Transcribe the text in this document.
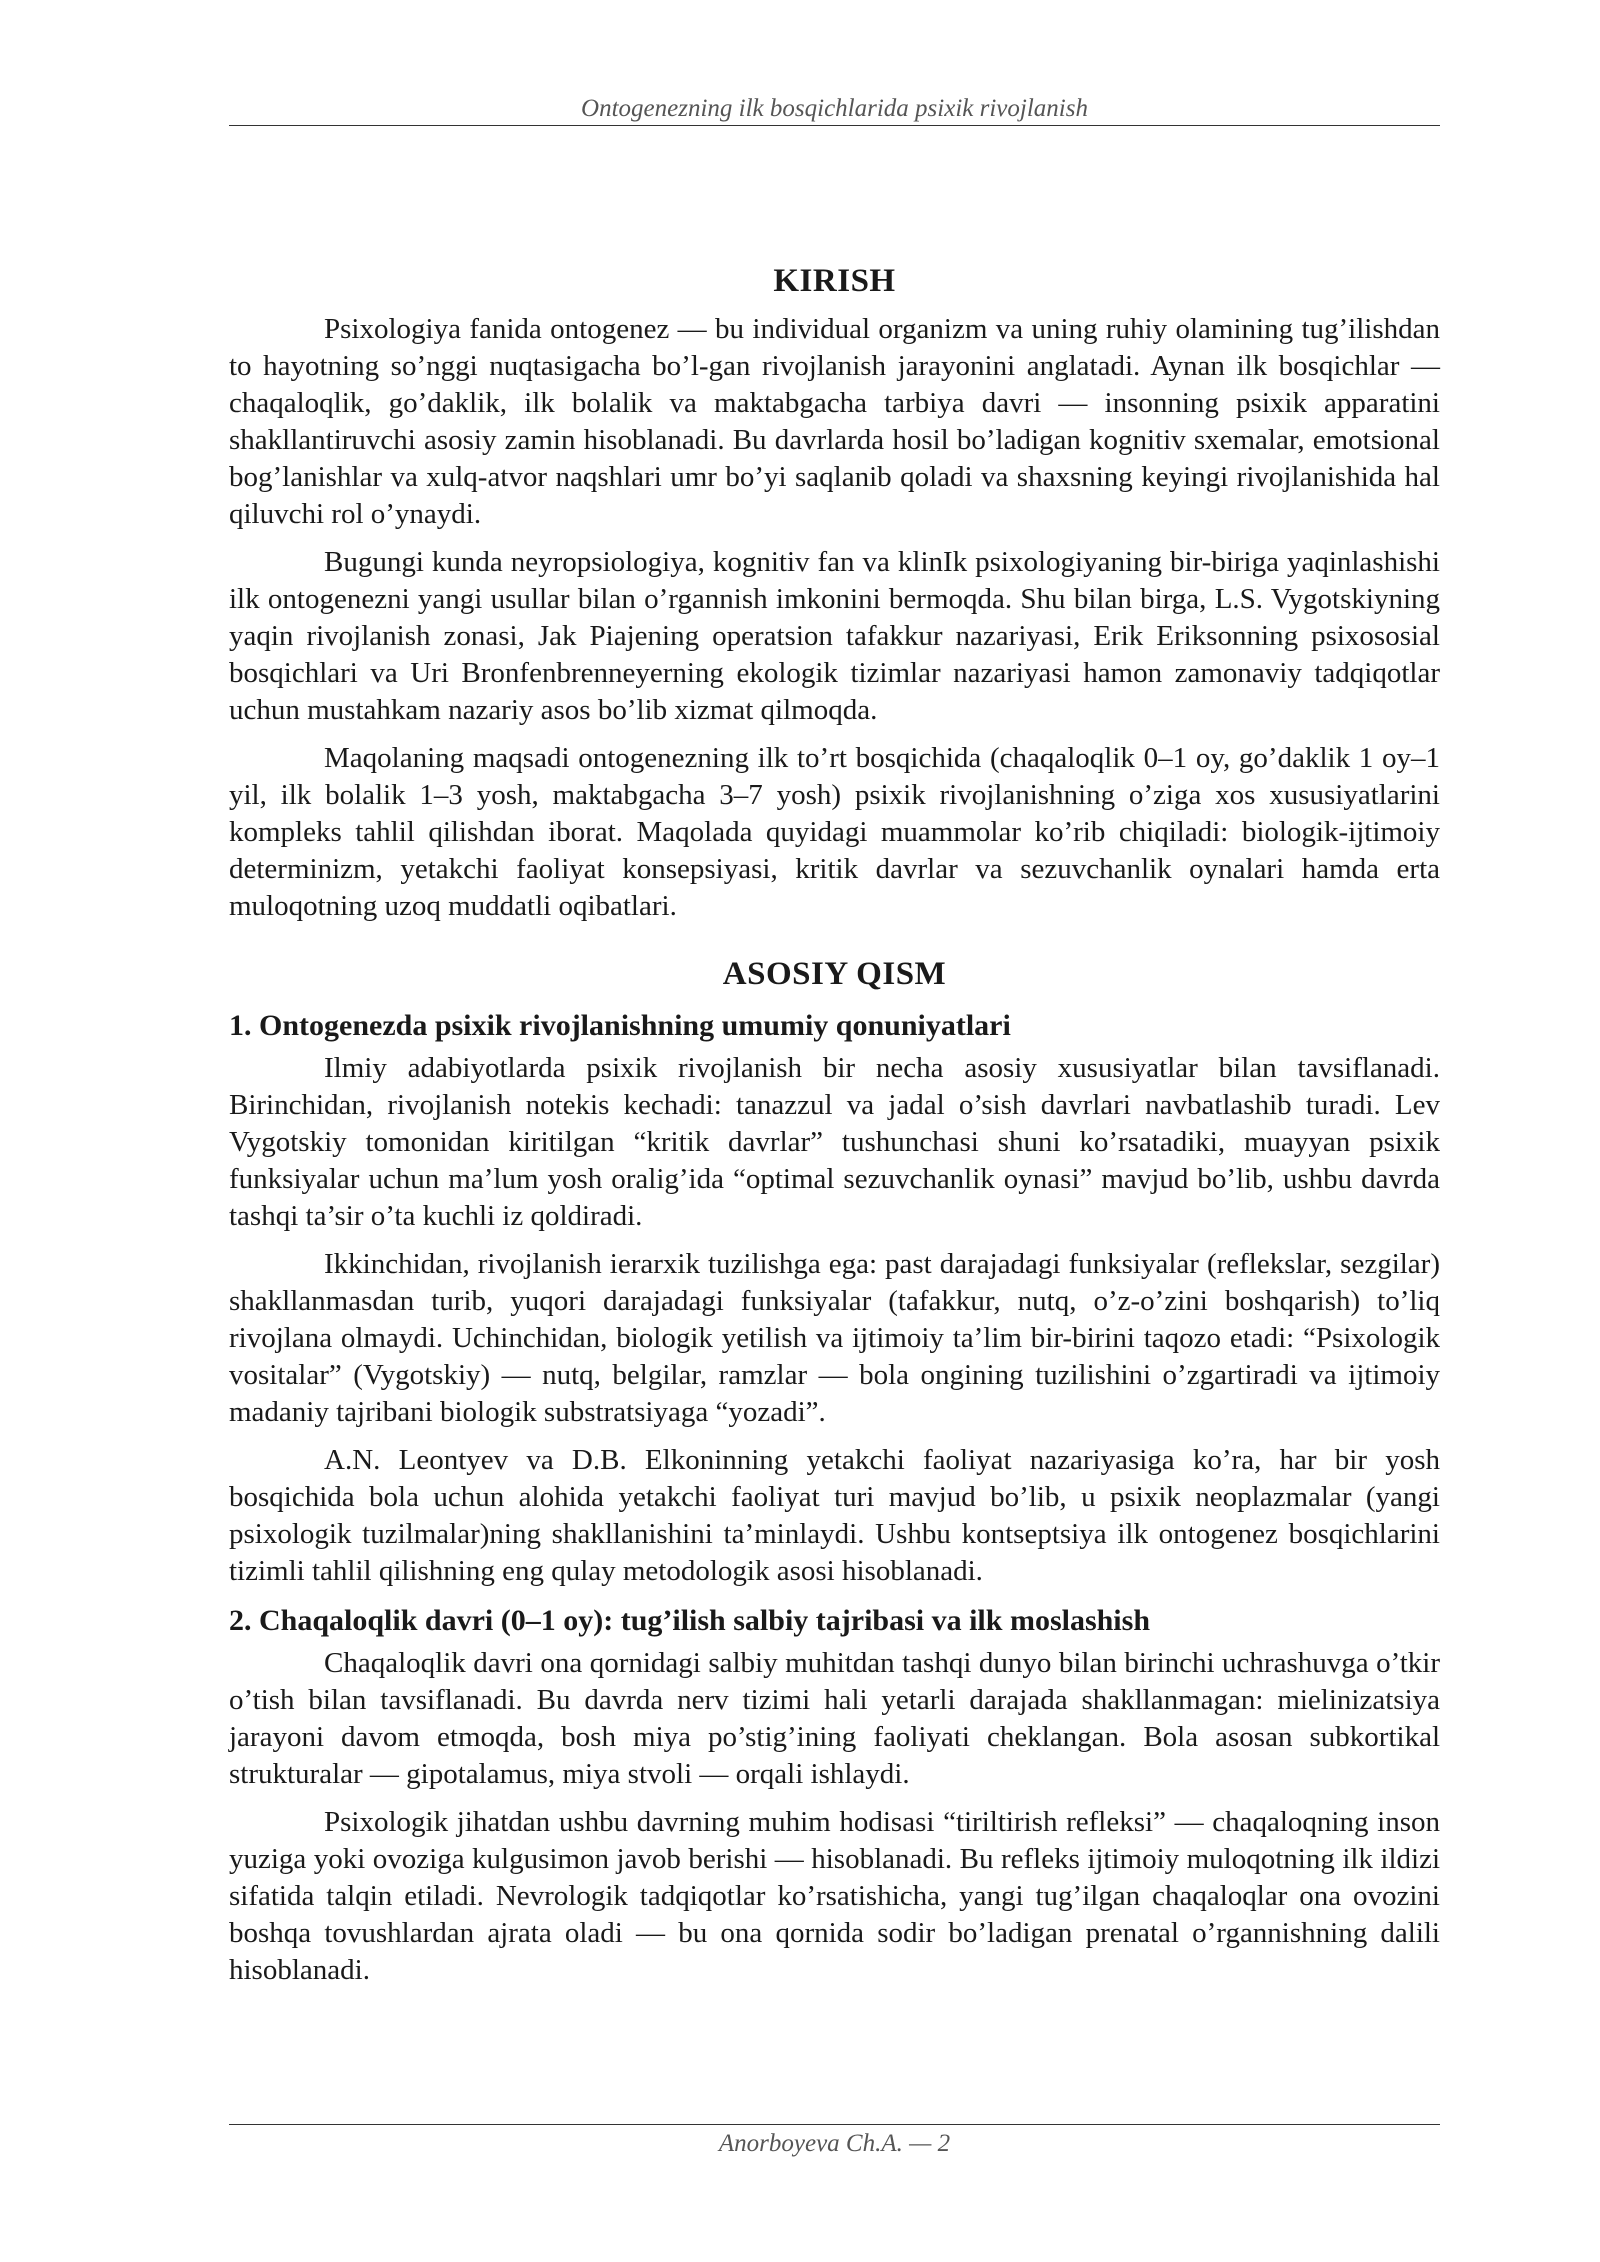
Ontogenezning ilk bosqichlarida psixik rivojlanish
KIRISH

Psixologiya fanida ontogenez — bu individual organizm va uning ruhiy olamining tug’ilishdan to hayotning so’nggi nuqtasigacha bo’l-gan rivojlanish jarayonini anglatadi. Aynan ilk bosqichlar — chaqaloqlik, go’daklik, ilk bolalik va maktabgacha tarbiya davri — insonning psixik apparatini shakllantiruvchi asosiy zamin hisoblanadi. Bu davrlarda hosil bo’ladigan kognitiv sxemalar, emotsional bog’lanishlar va xulq-atvor naqshlari umr bo’yi saqlanib qoladi va shaxsning keyingi rivojlanishida hal qiluvchi rol o’ynaydi.

Bugungi kunda neyropsiologiya, kognitiv fan va klinIk psixologiyaning bir-biriga yaqinlashishi ilk ontogenezni yangi usullar bilan o’rgannish imkonini bermoqda. Shu bilan birga, L.S. Vygotskiyning yaqin rivojlanish zonasi, Jak Piajening operatsion tafakkur nazariyasi, Erik Eriksonning psixososial bosqichlari va Uri Bronfenbrenneyerning ekologik tizimlar nazariyasi hamon zamonaviy tadqiqotlar uchun mustahkam nazariy asos bo’lib xizmat qilmoqda.

Maqolaning maqsadi ontogenezning ilk to’rt bosqichida (chaqaloqlik 0–1 oy, go’daklik 1 oy–1 yil, ilk bolalik 1–3 yosh, maktabgacha 3–7 yosh) psixik rivojlanishning o’ziga xos xususiyatlarini kompleks tahlil qilishdan iborat. Maqolada quyidagi muammolar ko’rib chiqiladi: biologik-ijtimoiy determinizm, yetakchi faoliyat konsepsiyasi, kritik davrlar va sezuvchanlik oynalari hamda erta muloqotning uzoq muddatli oqibatlari.

ASOSIY QISM
1. Ontogenezda psixik rivojlanishning umumiy qonuniyatlari

Ilmiy adabiyotlarda psixik rivojlanish bir necha asosiy xususiyatlar bilan tavsiflanadi. Birinchidan, rivojlanish notekis kechadi: tanazzul va jadal o’sish davrlari navbatlashib turadi. Lev Vygotskiy tomonidan kiritilgan “kritik davrlar” tushunchasi shuni ko’rsatadiki, muayyan psixik funksiyalar uchun ma’lum yosh oralig’ida “optimal sezuvchanlik oynasi” mavjud bo’lib, ushbu davrda tashqi ta’sir o’ta kuchli iz qoldiradi.

Ikkinchidan, rivojlanish ierarxik tuzilishga ega: past darajadagi funksiyalar (reflekslar, sezgilar) shakllanmasdan turib, yuqori darajadagi funksiyalar (tafakkur, nutq, o’z-o’zini boshqarish) to’liq rivojlana olmaydi. Uchinchidan, biologik yetilish va ijtimoiy ta’lim bir-birini taqozo etadi: “Psixologik vositalar” (Vygotskiy) — nutq, belgilar, ramzlar — bola ongining tuzilishini o’zgartiradi va ijtimoiy madaniy tajribani biologik substratsiyaga “yozadi”.

A.N. Leontyev va D.B. Elkoninning yetakchi faoliyat nazariyasiga ko’ra, har bir yosh bosqichida bola uchun alohida yetakchi faoliyat turi mavjud bo’lib, u psixik neoplazmalar (yangi psixologik tuzilmalar)ning shakllanishini ta’minlaydi. Ushbu kontseptsiya ilk ontogenez bosqichlarini tizimli tahlil qilishning eng qulay metodologik asosi hisoblanadi.

2. Chaqaloqlik davri (0–1 oy): tug’ilish salbiy tajribasi va ilk moslashish

Chaqaloqlik davri ona qornidagi salbiy muhitdan tashqi dunyo bilan birinchi uchrashuvga o’tkir o’tish bilan tavsiflanadi. Bu davrda nerv tizimi hali yetarli darajada shakllanmagan: mielinizatsiya jarayoni davom etmoqda, bosh miya po’stig’ining faoliyati cheklangan. Bola asosan subkortikal strukturalar — gipotalamus, miya stvoli — orqali ishlaydi.

Psixologik jihatdan ushbu davrning muhim hodisasi “tiriltirish refleksi” — chaqaloqning inson yuziga yoki ovoziga kulgusimon javob berishi — hisoblanadi. Bu refleks ijtimoiy muloqotning ilk ildizi sifatida talqin etiladi. Nevrologik tadqiqotlar ko’rsatishicha, yangi tug’ilgan chaqaloqlar ona ovozini boshqa tovushlardan ajrata oladi — bu ona qornida sodir bo’ladigan prenatal o’rgannishning dalili hisoblanadi.

Anorboyeva Ch.A. — 2
